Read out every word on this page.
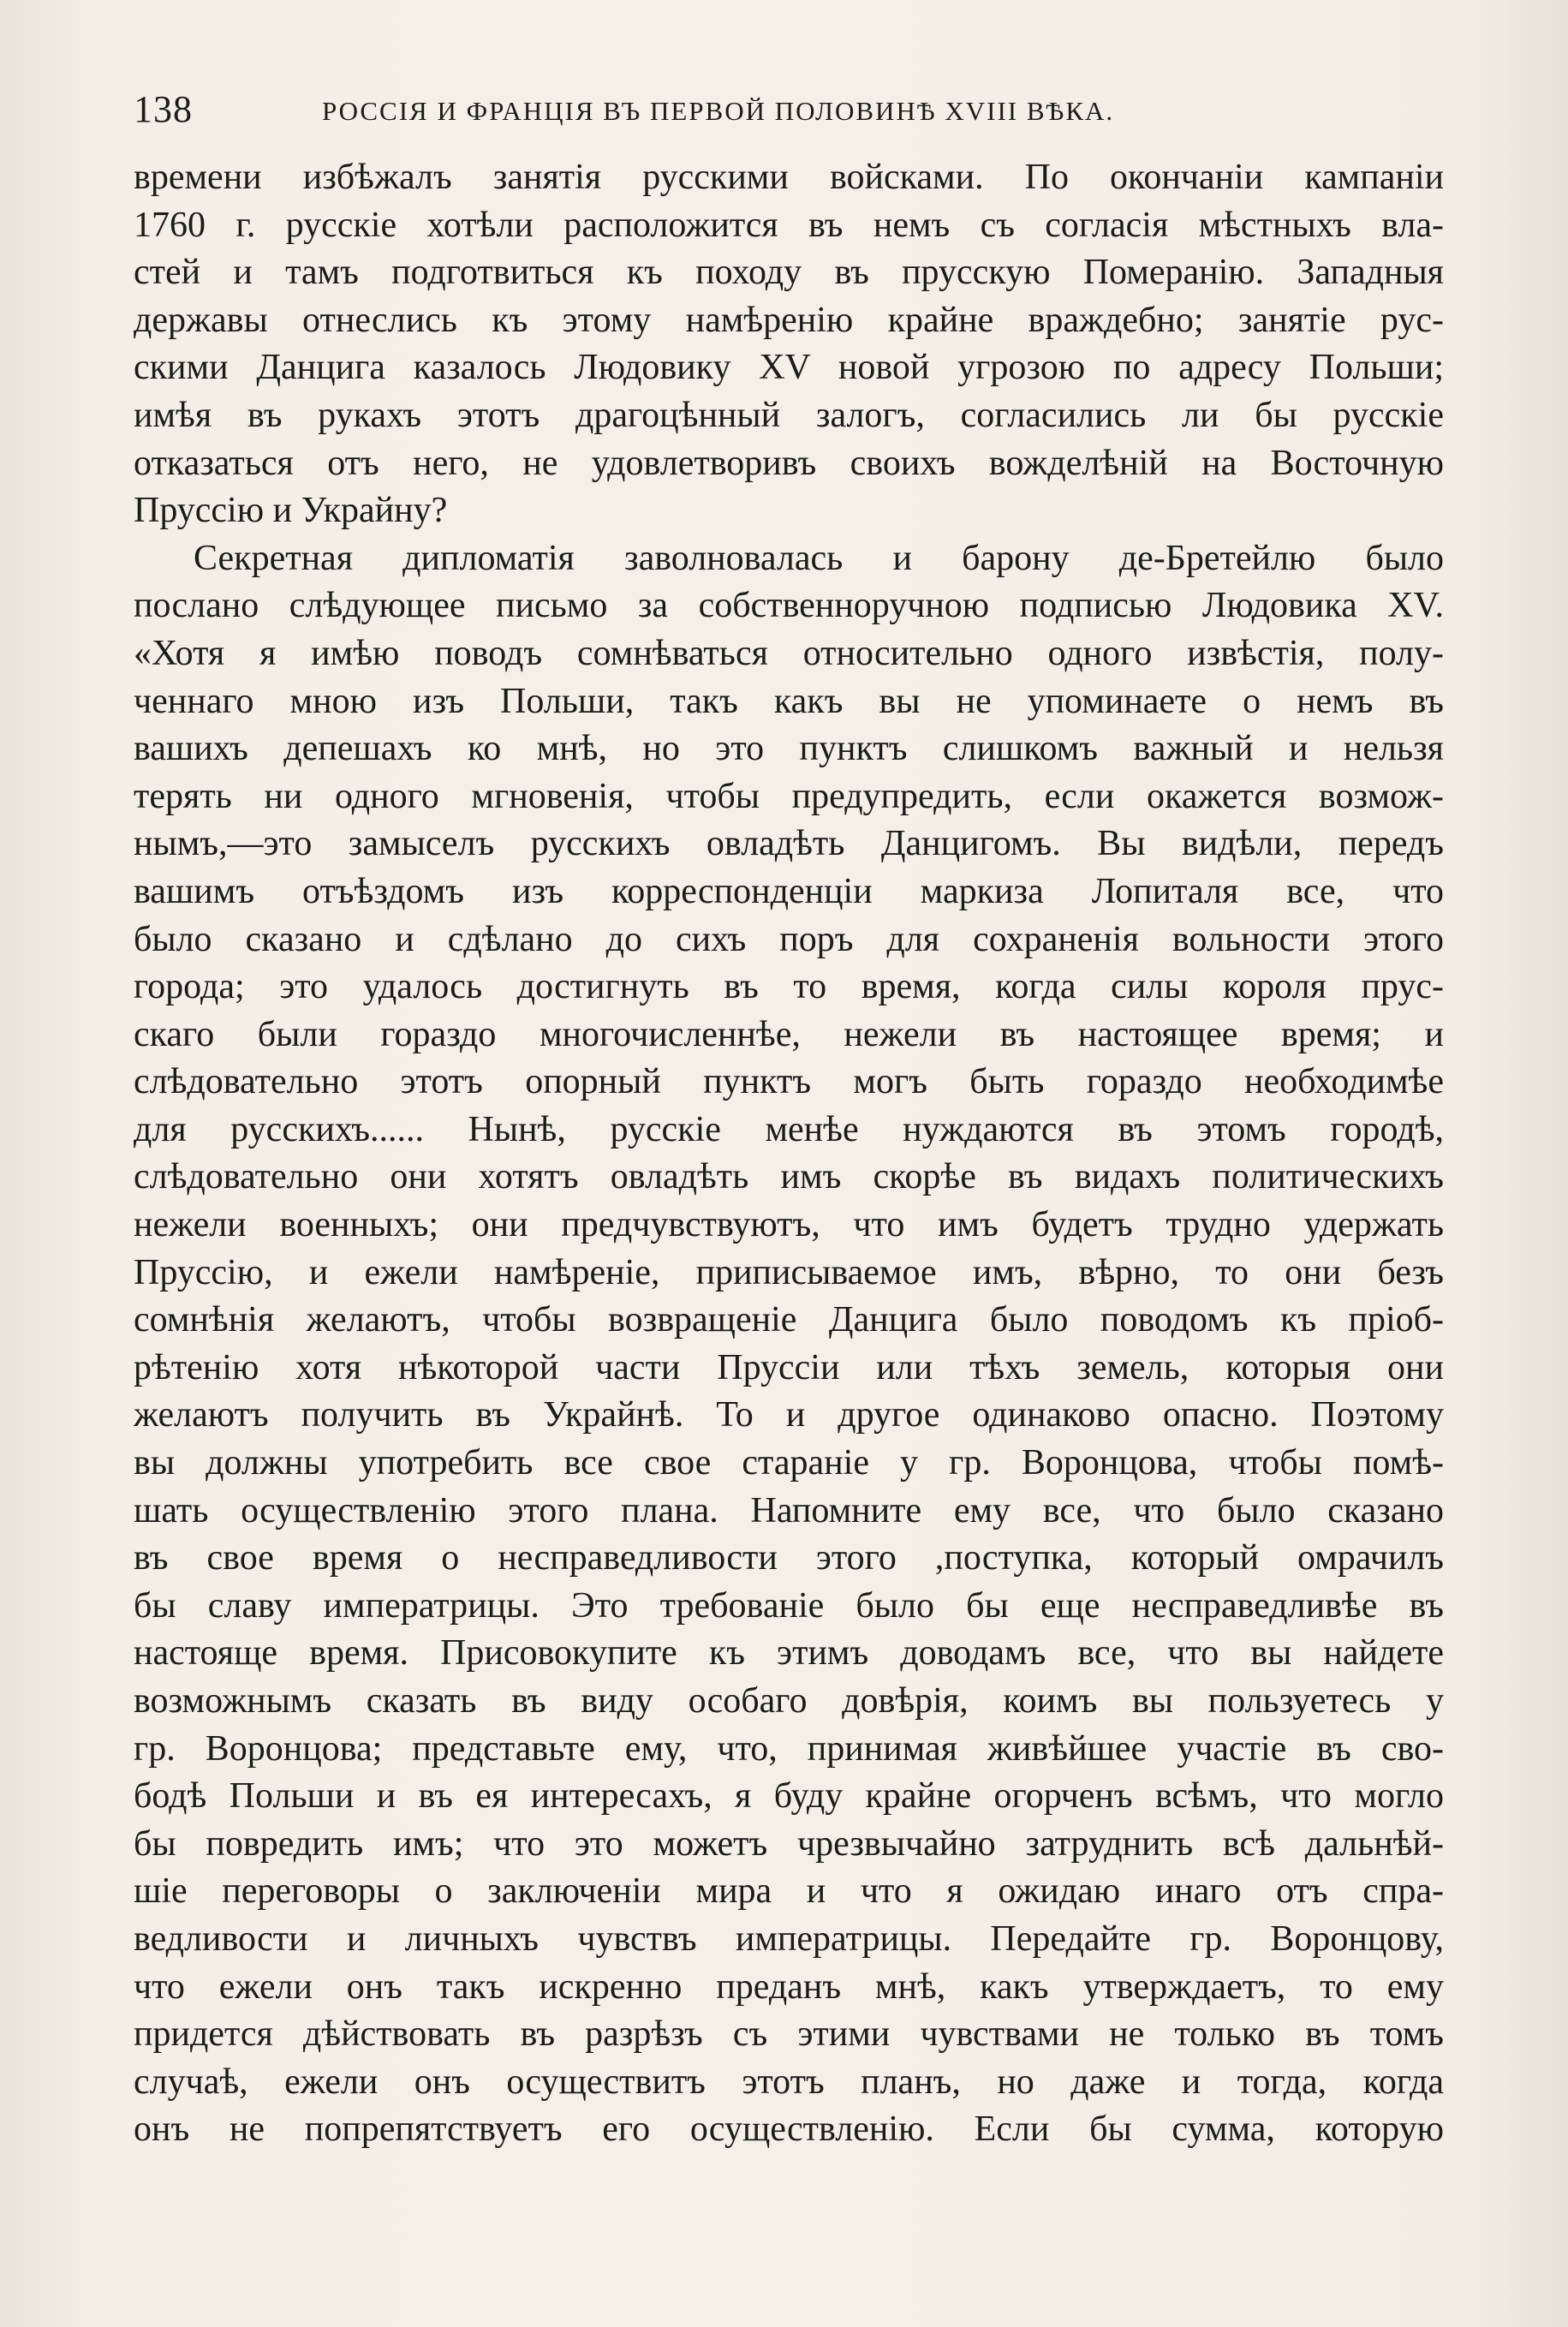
138	РОССІЯ И ФРАНЦІЯ ВЪ ПЕРВОЙ ПОЛОВИНѢ XVIII ВѢКА.
времени избѣжалъ занятія русскими войсками. По окончаніи кампаніи
1760 г. русскіе хотѣли расположится въ немъ съ согласія мѣстныхъ вла-
стей и тамъ подготвиться къ походу въ прусскую Померанію. Западныя
державы отнеслись къ этому намѣренію крайне враждебно; занятіе рус-
скими Данцига казалось Людовику XV новой угрозою по адресу Польши;
имѣя въ рукахъ этотъ драгоцѣнный залогъ, согласились ли бы русскіе
отказаться отъ него, не удовлетворивъ своихъ вожделѣній на Восточную
Пруссію и Украйну?
Секретная дипломатія заволновалась и барону де-Бретейлю было
послано слѣдующее письмо за собственноручною подписью Людовика XV.
«Хотя я имѣю поводъ сомнѣваться относительно одного извѣстія, полу-
ченнаго мною изъ Польши, такъ какъ вы не упоминаете о немъ въ
вашихъ депешахъ ко мнѣ, но это пунктъ слишкомъ важный и нельзя
терять ни одного мгновенія, чтобы предупредить, если окажется возмож-
нымъ,—это замыселъ русскихъ овладѣть Данцигомъ. Вы видѣли, передъ
вашимъ отъѣздомъ изъ корреспонденціи маркиза Лопиталя все, что
было сказано и сдѣлано до сихъ поръ для сохраненія вольности этого
города; это удалось достигнуть въ то время, когда силы короля прус-
скаго были гораздо многочисленнѣе, нежели въ настоящее время; и
слѣдовательно этотъ опорный пунктъ могъ быть гораздо необходимѣе
для русскихъ...... Нынѣ, русскіе менѣе нуждаются въ этомъ городѣ,
слѣдовательно они хотятъ овладѣть имъ скорѣе въ видахъ политическихъ
нежели военныхъ; они предчувствуютъ, что имъ будетъ трудно удержать
Пруссію, и ежели намѣреніе, приписываемое имъ, вѣрно, то они безъ
сомнѣнія желаютъ, чтобы возвращеніе Данцига было поводомъ къ пріоб-
рѣтенію хотя нѣкоторой части Пруссіи или тѣхъ земель, которыя они
желаютъ получить въ Украйнѣ. То и другое одинаково опасно. Поэтому
вы должны употребить все свое стараніе у гр. Воронцова, чтобы помѣ-
шать осуществленію этого плана. Напомните ему все, что было сказано
въ свое время о несправедливости этого ,поступка, который омрачилъ
бы славу императрицы. Это требованіе было бы еще несправедливѣе въ
настояще время. Присовокупите къ этимъ доводамъ все, что вы найдете
возможнымъ сказать въ виду особаго довѣрія, коимъ вы пользуетесь у
гр. Воронцова; представьте ему, что, принимая живѣйшее участіе въ сво-
бодѣ Польши и въ ея интересахъ, я буду крайне огорченъ всѣмъ, что могло
бы повредить имъ; что это можетъ чрезвычайно затруднить всѣ дальнѣй-
шіе переговоры о заключеніи мира и что я ожидаю инаго отъ спра-
ведливости и личныхъ чувствъ императрицы. Передайте гр. Воронцову,
что ежели онъ такъ искренно преданъ мнѣ, какъ утверждаетъ, то ему
придется дѣйствовать въ разрѣзъ съ этими чувствами не только въ томъ
случаѣ, ежели онъ осуществитъ этотъ планъ, но даже и тогда, когда
онъ не попрепятствуетъ его осуществленію. Если бы сумма, которую
